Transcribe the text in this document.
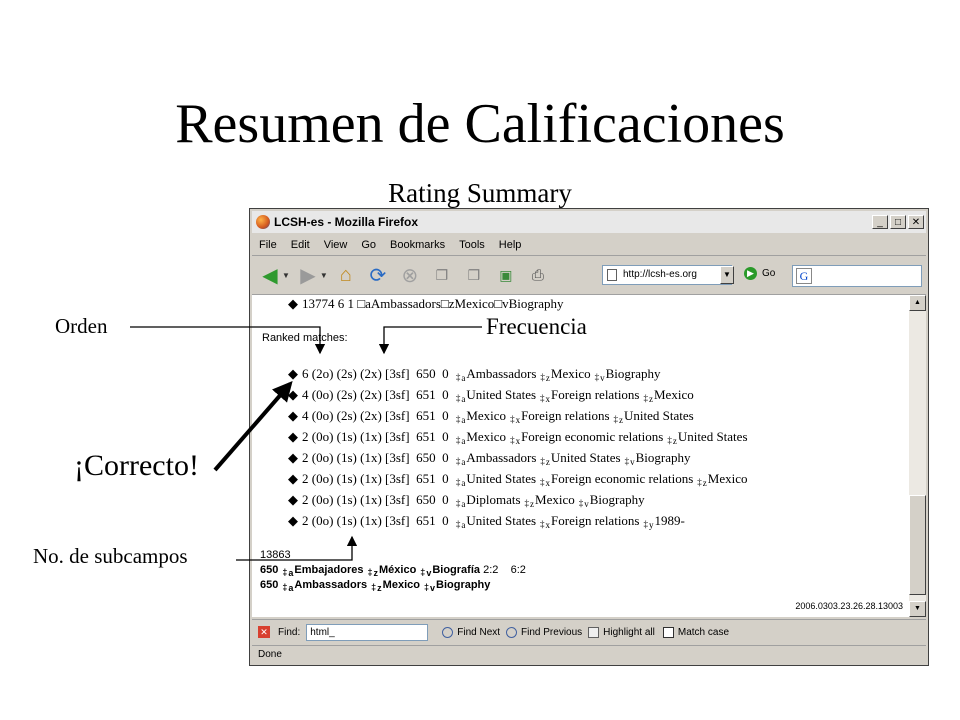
Resumen de Calificaciones
Rating Summary
LCSH-es - Mozilla Firefox	_	□	✕
File	Edit	View	Go	Bookmarks	Tools	Help
◀ ▼ ▶ ▼ ⌂ ⟳ ⊗	❐	❒	▣	⎙	http://lcsh-es.org	▼	▶ Go	G
◆ 13774 6 1 □aAmbassadors□zMexico□vBiography
Ranked matches:
◆ 6 (2o) (2s) (2x) [3sf]  650  0 ‡aAmbassadors ‡zMexico ‡vBiography
◆ 4 (0o) (2s) (2x) [3sf]  651  0 ‡aUnited States ‡xForeign relations ‡zMexico
◆ 4 (0o) (2s) (2x) [3sf]  651  0 ‡aMexico ‡xForeign relations ‡zUnited States
◆ 2 (0o) (1s) (1x) [3sf]  651  0 ‡aMexico ‡xForeign economic relations ‡zUnited States
◆ 2 (0o) (1s) (1x) [3sf]  650  0 ‡aAmbassadors ‡zUnited States ‡vBiography
◆ 2 (0o) (1s) (1x) [3sf]  651  0 ‡aUnited States ‡xForeign economic relations ‡zMexico
◆ 2 (0o) (1s) (1x) [3sf]  650  0 ‡aDiplomats ‡zMexico ‡vBiography
◆ 2 (0o) (1s) (1x) [3sf]  651  0 ‡aUnited States ‡xForeign relations ‡y1989-
13863
650 ‡aEmbajadores ‡zMéxico ‡vBiografía 2:2    6:2
650 ‡aAmbassadors ‡zMexico ‡vBiography
2006.0303.23.26.28.13003
▲
▼
✕ Find:	html_	Find Next Find Previous Highlight all Match case
Done
Orden	Frecuencia
¡Correcto!
No. de subcampos
